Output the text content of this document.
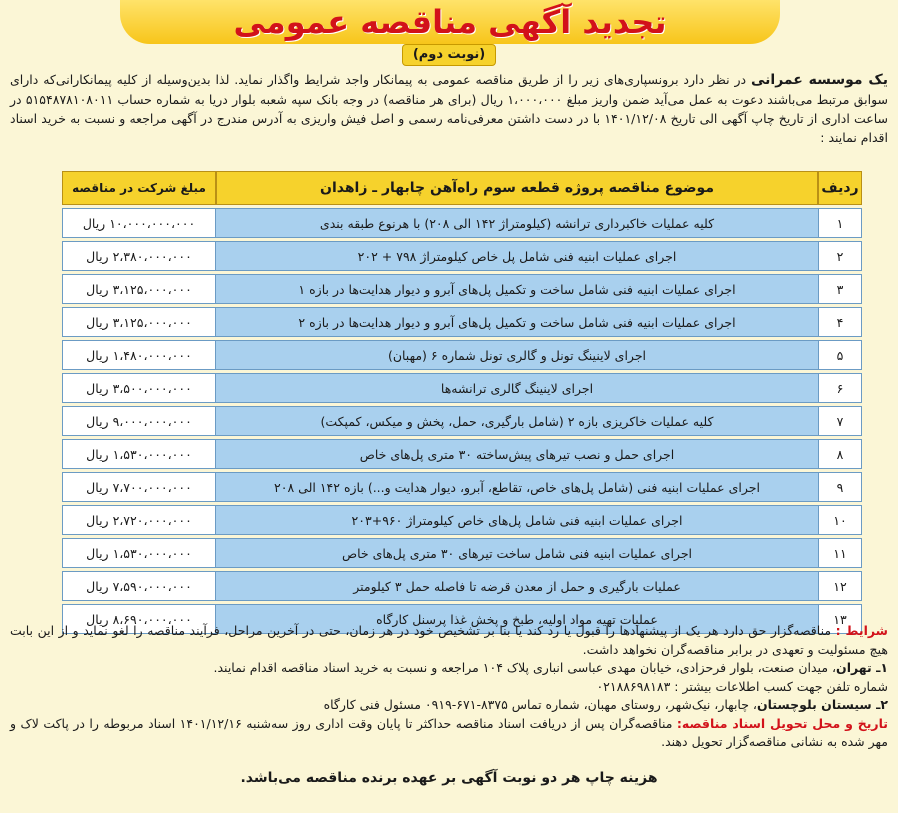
تجدید آگهی مناقصه عمومی
(نوبت دوم)
یک موسسه عمرانی در نظر دارد برونسپاری‌های زیر را از طریق مناقصه عمومی به پیمانکار واجد شرایط واگذار نماید. لذا بدین‌وسیله از کلیه پیمانکارانی‌که دارای سوابق مرتبط می‌باشند دعوت به عمل می‌آید ضمن واریز مبلغ ۱،۰۰۰،۰۰۰ ریال (برای هر مناقصه) در وجه بانک سپه شعبه بلوار دریا به شماره حساب ۵۱۵۴۸۷۸۱۰۸۰۱۱ در ساعت اداری از تاریخ چاپ آگهی الی تاریخ ۱۴۰۱/۱۲/۰۸ با در دست داشتن معرفی‌نامه رسمی و اصل فیش واریزی به آدرس مندرج در آگهی مراجعه و نسبت به خرید اسناد اقدام نمایند :
ردیف	موضوع مناقصه پروژه قطعه سوم راه‌آهن چابهار ـ زاهدان	مبلغ شرکت در مناقصه
۱	کلیه عملیات خاکبرداری ترانشه (کیلومتراژ ۱۴۲ الی ۲۰۸) با هرنوع طبقه بندی	۱۰،۰۰۰،۰۰۰،۰۰۰ ریال
۲	اجرای عملیات ابنیه فنی شامل پل خاص کیلومتراژ ۷۹۸ + ۲۰۲	۲،۳۸۰،۰۰۰،۰۰۰ ریال
۳	اجرای عملیات ابنیه فنی شامل ساخت و تکمیل پل‌های آبرو و دیوار هدایت‌ها در بازه ۱	۳،۱۲۵،۰۰۰،۰۰۰ ریال
۴	اجرای عملیات ابنیه فنی شامل ساخت و تکمیل پل‌های آبرو و دیوار هدایت‌ها در بازه ۲	۳،۱۲۵،۰۰۰،۰۰۰ ریال
۵	اجرای لاینینگ تونل و گالری تونل شماره ۶ (مهبان)	۱،۴۸۰،۰۰۰،۰۰۰ ریال
۶	اجرای لاینینگ گالری ترانشه‌ها	۳،۵۰۰،۰۰۰،۰۰۰ ریال
۷	کلیه عملیات خاکریزی بازه ۲ (شامل بارگیری، حمل، پخش و میکس، کمپکت)	۹،۰۰۰،۰۰۰،۰۰۰ ریال
۸	اجرای حمل و نصب تیرهای پیش‌ساخته ۳۰ متری پل‌های خاص	۱،۵۳۰،۰۰۰،۰۰۰ ریال
۹	اجرای عملیات ابنیه فنی (شامل پل‌های خاص، تقاطع، آبرو، دیوار هدایت و...) بازه ۱۴۲ الی ۲۰۸	۷،۷۰۰،۰۰۰،۰۰۰ ریال
۱۰	اجرای عملیات ابنیه فنی شامل پل‌های خاص کیلومتراژ ۹۶۰+۲۰۳	۲،۷۲۰،۰۰۰،۰۰۰ ریال
۱۱	اجرای عملیات ابنیه فنی شامل ساخت تیرهای ۳۰ متری پل‌های خاص	۱،۵۳۰،۰۰۰،۰۰۰ ریال
۱۲	عملیات بارگیری و حمل از معدن قرضه تا فاصله حمل ۳ کیلومتر	۷،۵۹۰،۰۰۰،۰۰۰ ریال
۱۳	عملیات تهیه مواد اولیه، طبخ و پخش غذا پرسنل کارگاه	۸،۶۹۰،۰۰۰،۰۰۰ ریال
شرایط : مناقصه‌گزار حق دارد هر یک از پیشنهادها را قبول یا رد کند یا بنا بر تشخیص خود در هر زمان، حتی در آخرین مراحل، فرآیند مناقصه را لغو نماید و از این بابت هیچ مسئولیت و تعهدی در برابر مناقصه‌گران نخواهد داشت.
۱ـ تهران، میدان صنعت، بلوار فرحزادی، خیابان مهدی عباسی انباری پلاک ۱۰۴ مراجعه و نسبت به خرید اسناد مناقصه اقدام نمایند.
شماره تلفن جهت کسب اطلاعات بیشتر : ۰۲۱۸۸۶۹۸۱۸۳
۲ـ سیستان بلوچستان، چابهار، نیک‌شهر، روستای مهبان، شماره تماس ۸۳۷۵-۶۷۱-۰۹۱۹ مسئول فنی کارگاه
تاریخ و محل تحویل اسناد مناقصه: مناقصه‌گران پس از دریافت اسناد مناقصه حداکثر تا پایان وقت اداری روز سه‌شنبه ۱۴۰۱/۱۲/۱۶ اسناد مربوطه را در پاکت لاک و مهر شده به نشانی مناقصه‌گزار تحویل دهند.
هزینه چاپ هر دو نوبت آگهی بر عهده برنده مناقصه می‌باشد.
